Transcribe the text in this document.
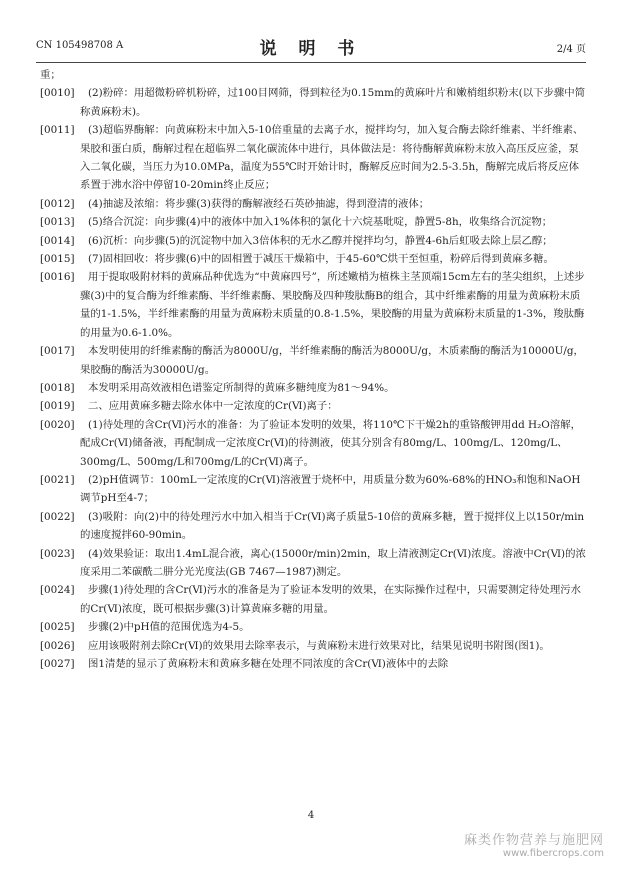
CN 105498708 A	说 明 书	2/4 页

重；

[0010] (2)粉碎：用超微粉碎机粉碎，过100目网筛，得到粒径为0.15mm的黄麻叶片和嫩梢组织粉末(以下步骤中简称黄麻粉末)。

[0011] (3)超临界酶解：向黄麻粉末中加入5-10倍重量的去离子水，搅拌均匀，加入复合酶去除纤维素、半纤维素、果胶和蛋白质，酶解过程在超临界二氧化碳流体中进行，具体做法是：将待酶解黄麻粉末放入高压反应釜，泵入二氧化碳，当压力为10.0MPa，温度为55℃时开始计时，酶解反应时间为2.5-3.5h，酶解完成后将反应体系置于沸水浴中停留10-20min终止反应；

[0012] (4)抽滤及浓缩：将步骤(3)获得的酶解液经石英砂抽滤，得到澄清的液体；

[0013] (5)络合沉淀：向步骤(4)中的液体中加入1%体积的氯化十六烷基吡啶，静置5-8h，收集络合沉淀物；

[0014] (6)沉析：向步骤(5)的沉淀物中加入3倍体积的无水乙醇并搅拌均匀，静置4-6h后虹吸去除上层乙醇；

[0015] (7)固相回收：将步骤(6)中的固相置于减压干燥箱中，于45-60℃烘干至恒重，粉碎后得到黄麻多糖。

[0016] 用于提取吸附材料的黄麻品种优选为“中黄麻四号”，所述嫩梢为植株主茎顶端15cm左右的茎尖组织，上述步骤(3)中的复合酶为纤维素酶、半纤维素酶、果胶酶及四种羧肽酶B的组合，其中纤维素酶的用量为黄麻粉末质量的1-1.5%，半纤维素酶的用量为黄麻粉末质量的0.8-1.5%，果胶酶的用量为黄麻粉末质量的1-3%，羧肽酶的用量为0.6-1.0%。

[0017] 本发明使用的纤维素酶的酶活为8000U/g，半纤维素酶的酶活为8000U/g，木质素酶的酶活为10000U/g，果胶酶的酶活为30000U/g。

[0018] 本发明采用高效液相色谱鉴定所制得的黄麻多糖纯度为81～94%。

[0019] 二、应用黄麻多糖去除水体中一定浓度的Cr(Ⅵ)离子：

[0020] (1)待处理的含Cr(Ⅵ)污水的准备：为了验证本发明的效果，将110℃下干燥2h的重铬酸钾用dd H₂O溶解，配成Cr(Ⅵ)储备液，再配制成一定浓度Cr(Ⅵ)的待测液，使其分别含有80mg/L、100mg/L、120mg/L、300mg/L、500mg/L和700mg/L的Cr(Ⅵ)离子。

[0021] (2)pH值调节：100mL一定浓度的Cr(Ⅵ)溶液置于烧杯中，用质量分数为60%-68%的HNO₃和饱和NaOH调节pH至4-7；

[0022] (3)吸附：向(2)中的待处理污水中加入相当于Cr(Ⅵ)离子质量5-10倍的黄麻多糖，置于搅拌仪上以150r/min的速度搅拌60-90min。

[0023] (4)效果验证：取出1.4mL混合液，离心(15000r/min)2min，取上清液测定Cr(Ⅵ)浓度。溶液中Cr(Ⅵ)的浓度采用二苯碳酰二肼分光光度法(GB 7467—1987)测定。

[0024] 步骤(1)待处理的含Cr(Ⅵ)污水的准备是为了验证本发明的效果，在实际操作过程中，只需要测定待处理污水的Cr(Ⅵ)浓度，既可根据步骤(3)计算黄麻多糖的用量。

[0025] 步骤(2)中pH值的范围优选为4-5。

[0026] 应用该吸附剂去除Cr(Ⅵ)的效果用去除率表示，与黄麻粉末进行效果对比，结果见说明书附图(图1)。

[0027] 图1清楚的显示了黄麻粉末和黄麻多糖在处理不同浓度的含Cr(Ⅵ)液体中的去除

4
麻类作物营养与施肥网
www.fibercrops.com
